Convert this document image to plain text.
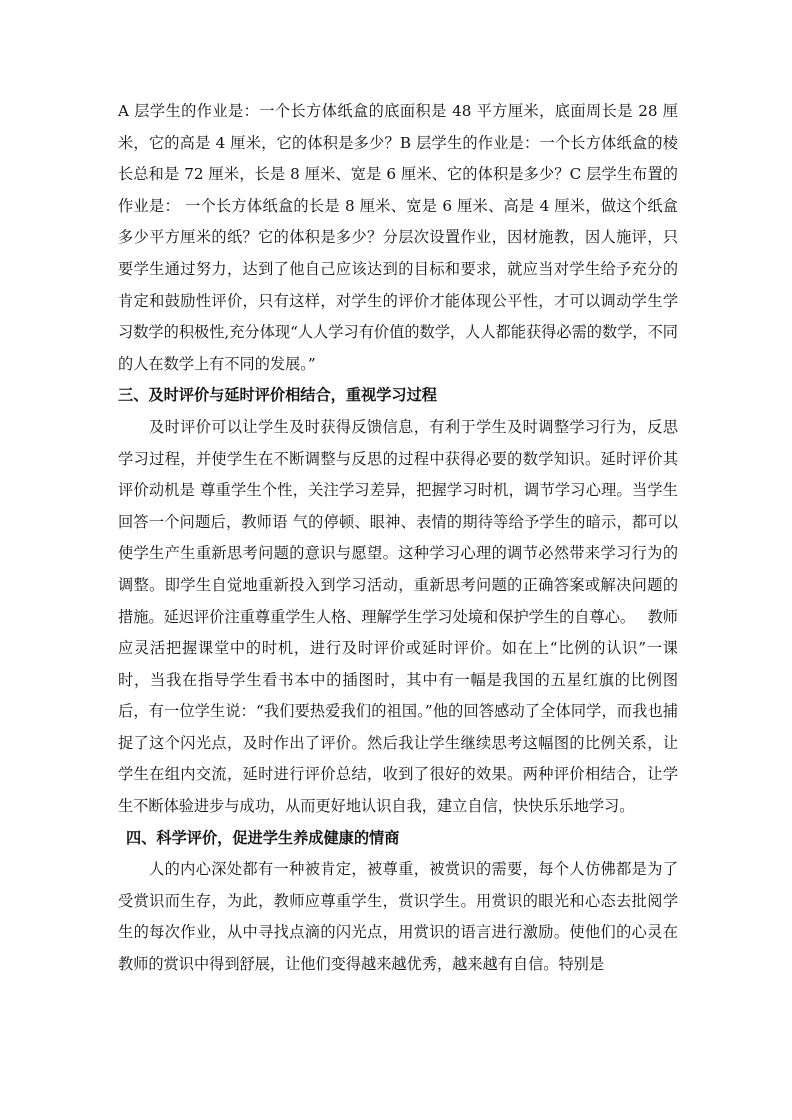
A 层学生的作业是：一个长方体纸盒的底面积是 48 平方厘米，底面周长是 28 厘米，它的高是 4 厘米，它的体积是多少？B 层学生的作业是：一个长方体纸盒的棱长总和是 72 厘米，长是 8 厘米、宽是 6 厘米、它的体积是多少？C 层学生布置的作业是： 一个长方体纸盒的长是 8 厘米、宽是 6 厘米、高是 4 厘米，做这个纸盒多少平方厘米的纸？它的体积是多少？分层次设置作业，因材施教，因人施评，只要学生通过努力，达到了他自己应该达到的目标和要求，就应当对学生给予充分的肯定和鼓励性评价，只有这样，对学生的评价才能体现公平性，才可以调动学生学习数学的积极性,充分体现“人人学习有价值的数学，人人都能获得必需的数学，不同的人在数学上有不同的发展。”

三、及时评价与延时评价相结合，重视学习过程

及时评价可以让学生及时获得反馈信息，有利于学生及时调整学习行为，反思学习过程，并使学生在不断调整与反思的过程中获得必要的数学知识。延时评价其评价动机是 尊重学生个性，关注学习差异，把握学习时机，调节学习心理。当学生回答一个问题后，教师语 气的停顿、眼神、表情的期待等给予学生的暗示，都可以使学生产生重新思考问题的意识与愿望。这种学习心理的调节必然带来学习行为的调整。即学生自觉地重新投入到学习活动，重新思考问题的正确答案或解决问题的措施。延迟评价注重尊重学生人格、理解学生学习处境和保护学生的自尊心。　 教师应灵活把握课堂中的时机，进行及时评价或延时评价。如在上“比例的认识”一课时，当我在指导学生看书本中的插图时，其中有一幅是我国的五星红旗的比例图后，有一位学生说：“我们要热爱我们的祖国。”他的回答感动了全体同学，而我也捕捉了这个闪光点，及时作出了评价。然后我让学生继续思考这幅图的比例关系，让学生在组内交流，延时进行评价总结，收到了很好的效果。两种评价相结合，让学生不断体验进步与成功，从而更好地认识自我，建立自信，快快乐乐地学习。

四、科学评价，促进学生养成健康的情商

人的内心深处都有一种被肯定，被尊重，被赏识的需要，每个人仿佛都是为了受赏识而生存，为此，教师应尊重学生，赏识学生。用赏识的眼光和心态去批阅学生的每次作业，从中寻找点滴的闪光点，用赏识的语言进行激励。使他们的心灵在教师的赏识中得到舒展，让他们变得越来越优秀，越来越有自信。特别是
